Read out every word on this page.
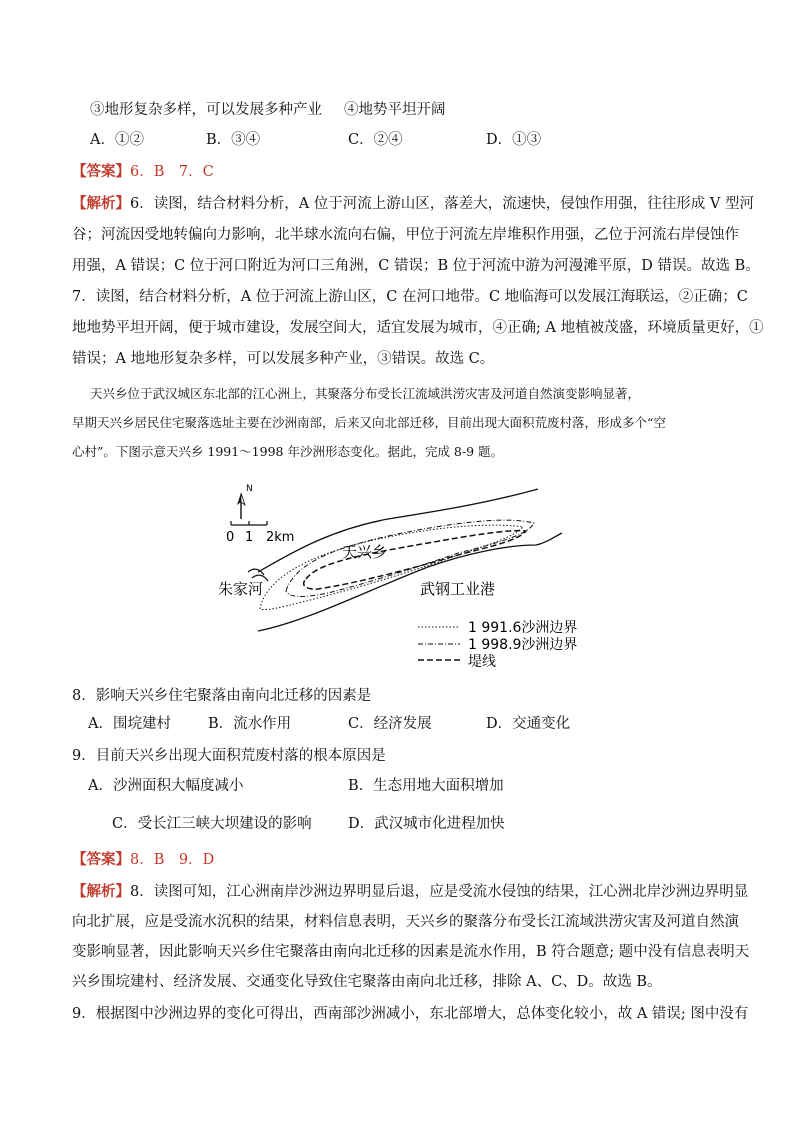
③地形复杂多样，可以发展多种产业 ④地势平坦开阔
A．①②	B．③④	C．②④	D．①③
【答案】6．B　7．C
【解析】6．读图，结合材料分析，A 位于河流上游山区，落差大，流速快，侵蚀作用强，往往形成 V 型河
谷；河流因受地转偏向力影响，北半球水流向右偏，甲位于河流左岸堆积作用强，乙位于河流右岸侵蚀作
用强，A 错误；C 位于河口附近为河口三角洲，C 错误；B 位于河流中游为河漫滩平原，D 错误。故选 B。
7．读图，结合材料分析，A 位于河流上游山区，C 在河口地带。C 地临海可以发展江海联运，②正确；C
地地势平坦开阔，便于城市建设，发展空间大，适宜发展为城市，④正确; A 地植被茂盛，环境质量更好，①
错误；A 地地形复杂多样，可以发展多种产业，③错误。故选 C。
天兴乡位于武汉城区东北部的江心洲上，其聚落分布受长江流域洪涝灾害及河道自然演变影响显著，
早期天兴乡居民住宅聚落选址主要在沙洲南部，后来又向北部迁移，目前出现大面积荒废村落，形成多个“空
心村”。下图示意天兴乡 1991～1998 年沙洲形态变化。据此，完成 8-9 题。
N
0 1 2km
天兴乡
朱家河	武钢工业港
1 991.6沙洲边界
1 998.9沙洲边界
堤线
8．影响天兴乡住宅聚落由南向北迁移的因素是
A．围垸建村	B．流水作用	C．经济发展	D．交通变化
9．目前天兴乡出现大面积荒废村落的根本原因是
A．沙洲面积大幅度减小	B．生态用地大面积增加
C．受长江三峡大坝建设的影响	D．武汉城市化进程加快
【答案】8．B　9．D
【解析】8．读图可知，江心洲南岸沙洲边界明显后退，应是受流水侵蚀的结果，江心洲北岸沙洲边界明显
向北扩展，应是受流水沉积的结果，材料信息表明，天兴乡的聚落分布受长江流域洪涝灾害及河道自然演
变影响显著，因此影响天兴乡住宅聚落由南向北迁移的因素是流水作用，B 符合题意; 题中没有信息表明天
兴乡围垸建村、经济发展、交通变化导致住宅聚落由南向北迁移，排除 A、C、D。故选 B。
9．根据图中沙洲边界的变化可得出，西南部沙洲减小，东北部增大，总体变化较小，故 A 错误; 图中没有
